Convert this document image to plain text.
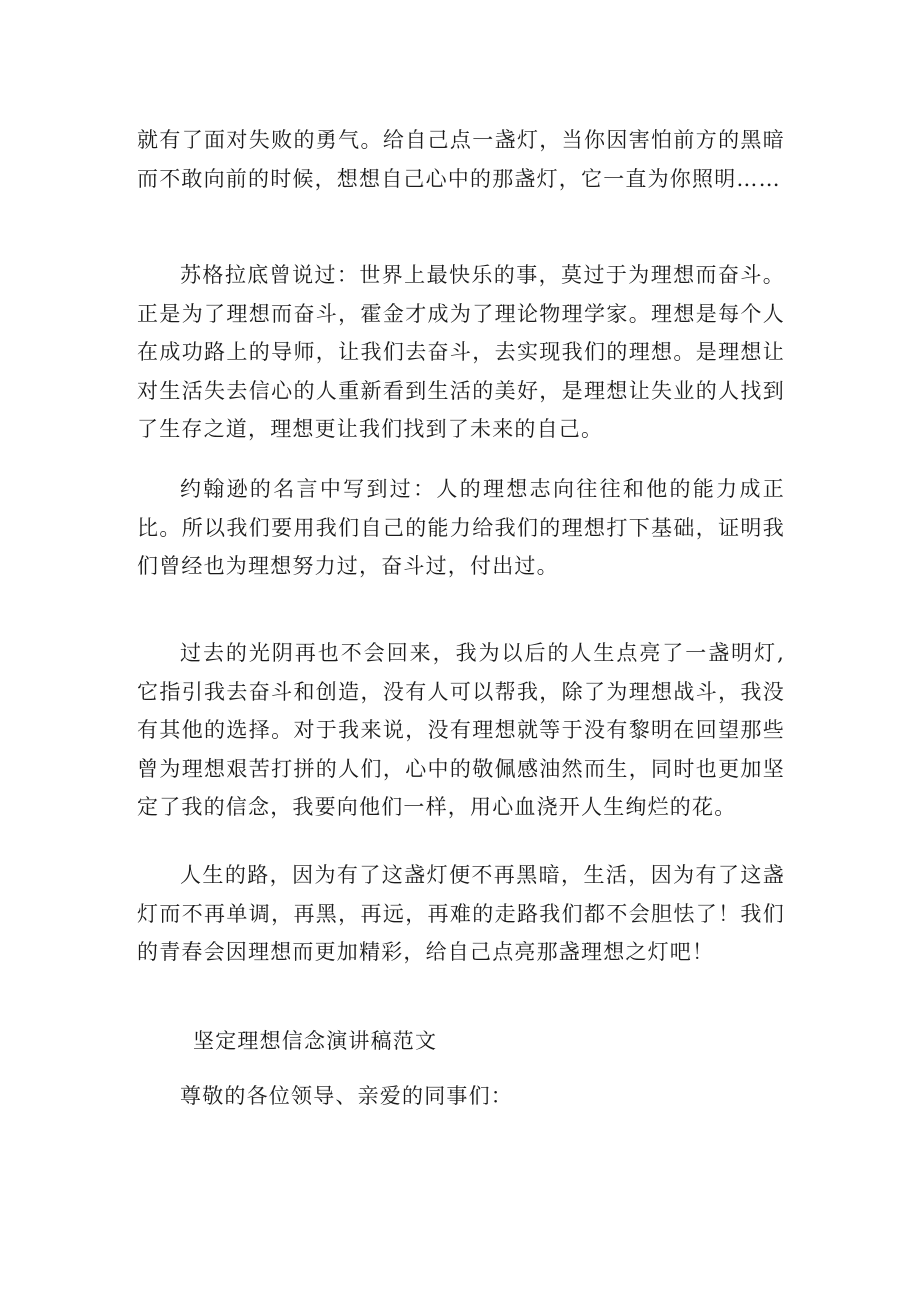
就有了面对失败的勇气。给自己点一盏灯，当你因害怕前方的黑暗而不敢向前的时候，想想自己心中的那盏灯，它一直为你照明……

苏格拉底曾说过：世界上最快乐的事，莫过于为理想而奋斗。正是为了理想而奋斗，霍金才成为了理论物理学家。理想是每个人在成功路上的导师，让我们去奋斗，去实现我们的理想。是理想让对生活失去信心的人重新看到生活的美好，是理想让失业的人找到了生存之道，理想更让我们找到了未来的自己。

约翰逊的名言中写到过：人的理想志向往往和他的能力成正比。所以我们要用我们自己的能力给我们的理想打下基础，证明我们曾经也为理想努力过，奋斗过，付出过。

过去的光阴再也不会回来，我为以后的人生点亮了一盏明灯,它指引我去奋斗和创造，没有人可以帮我，除了为理想战斗，我没有其他的选择。对于我来说，没有理想就等于没有黎明在回望那些曾为理想艰苦打拼的人们，心中的敬佩感油然而生，同时也更加坚定了我的信念，我要向他们一样，用心血浇开人生绚烂的花。

人生的路，因为有了这盏灯便不再黑暗，生活，因为有了这盏灯而不再单调，再黑，再远，再难的走路我们都不会胆怯了！我们的青春会因理想而更加精彩，给自己点亮那盏理想之灯吧！

坚定理想信念演讲稿范文

尊敬的各位领导、亲爱的同事们：
